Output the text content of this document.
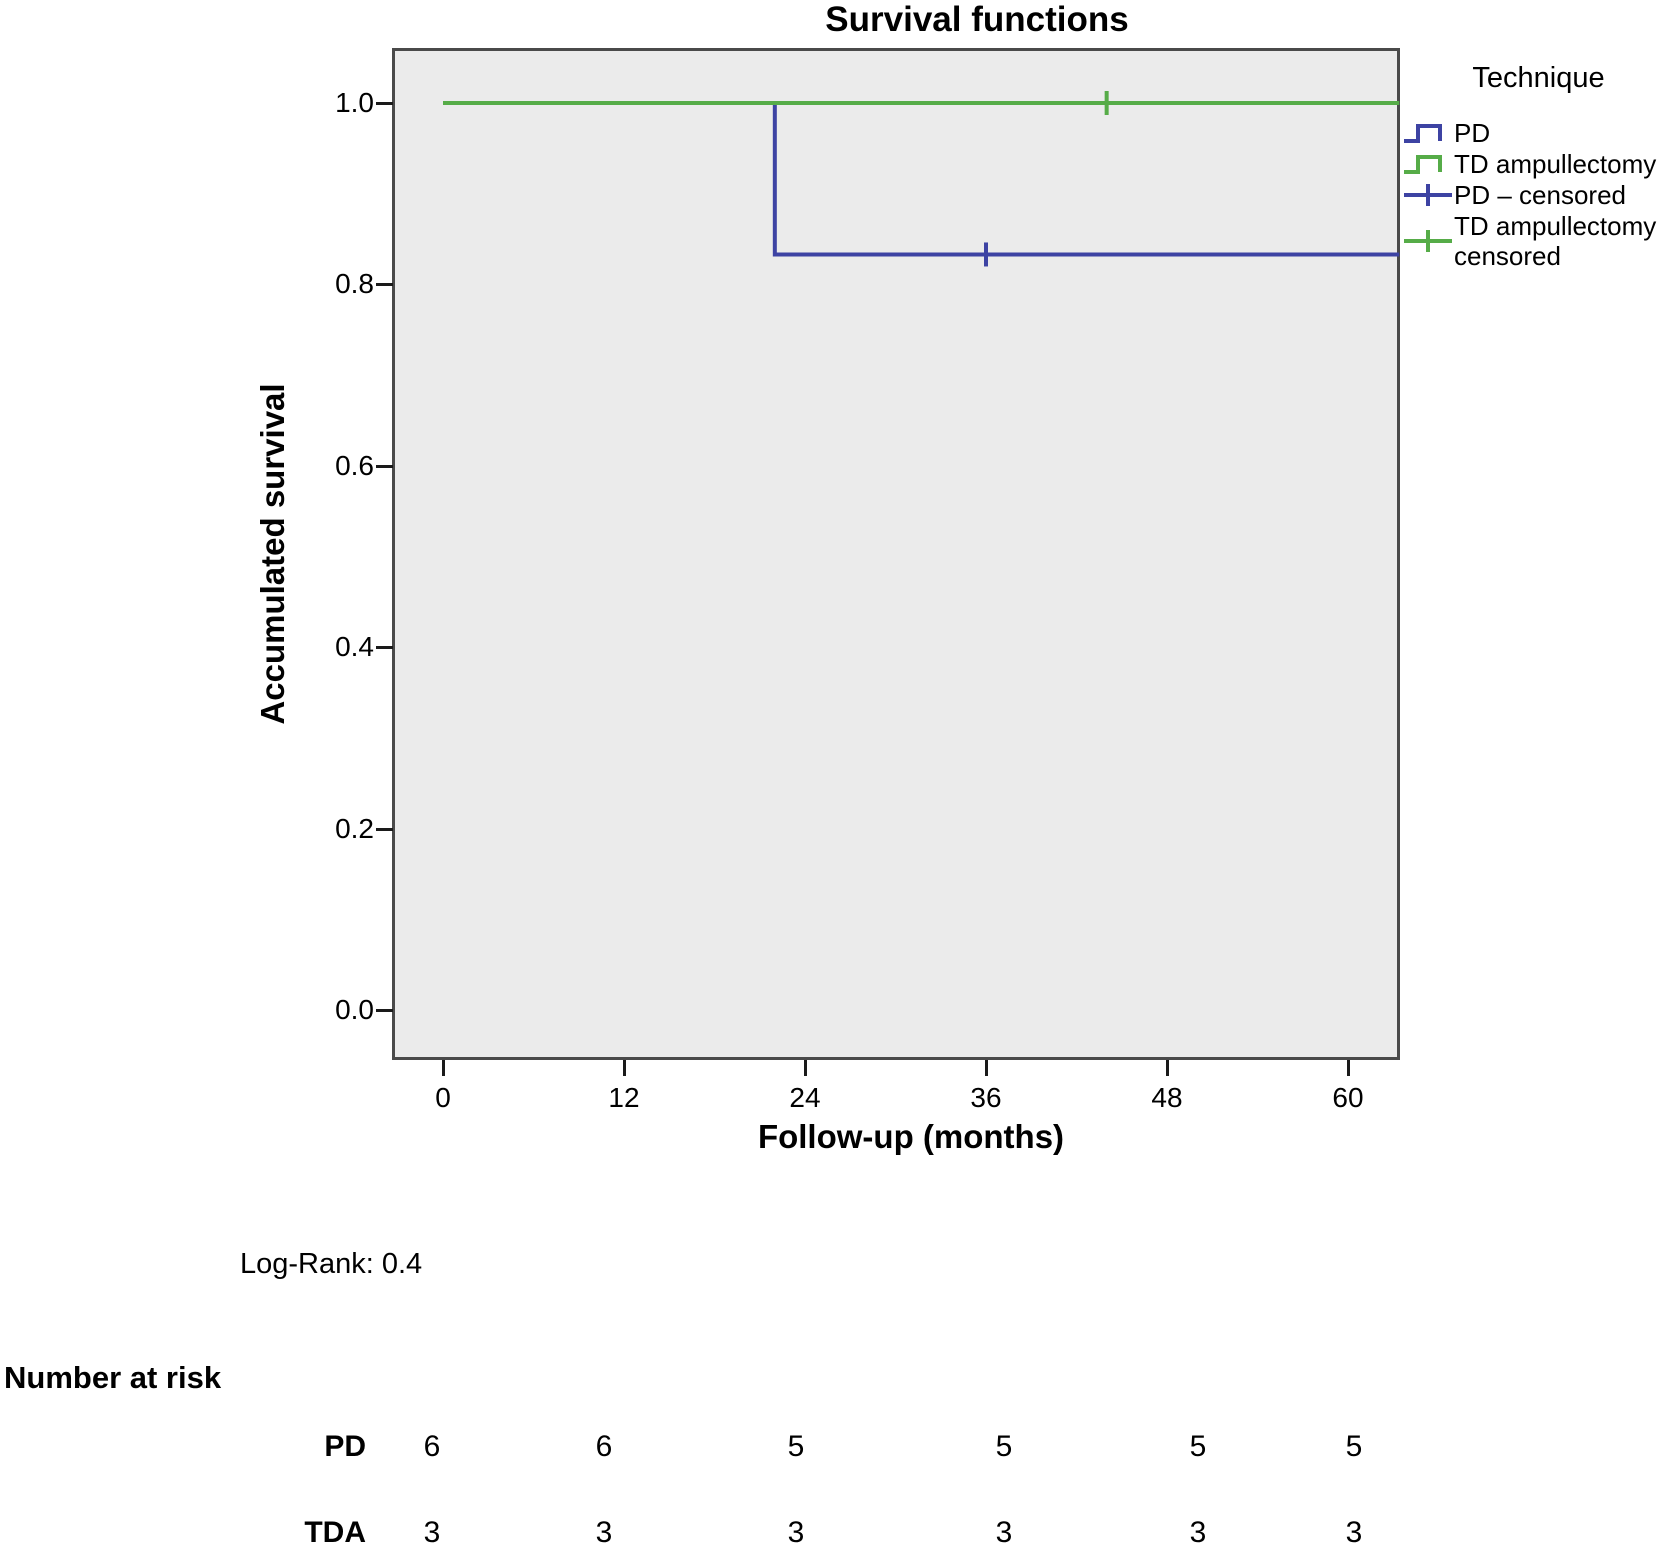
Survival functions
1.0
0.8
0.6
0.4
0.2
0.0
0	12	24	36	48	60
Accumulated survival
Follow-up (months)
Technique
PD
TD ampullectomy
PD – censored
TD ampullectomy censored
Log-Rank: 0.4
Number at risk
PD 6	6	5	5	5	5
TDA 3	3	3	3	3	3
